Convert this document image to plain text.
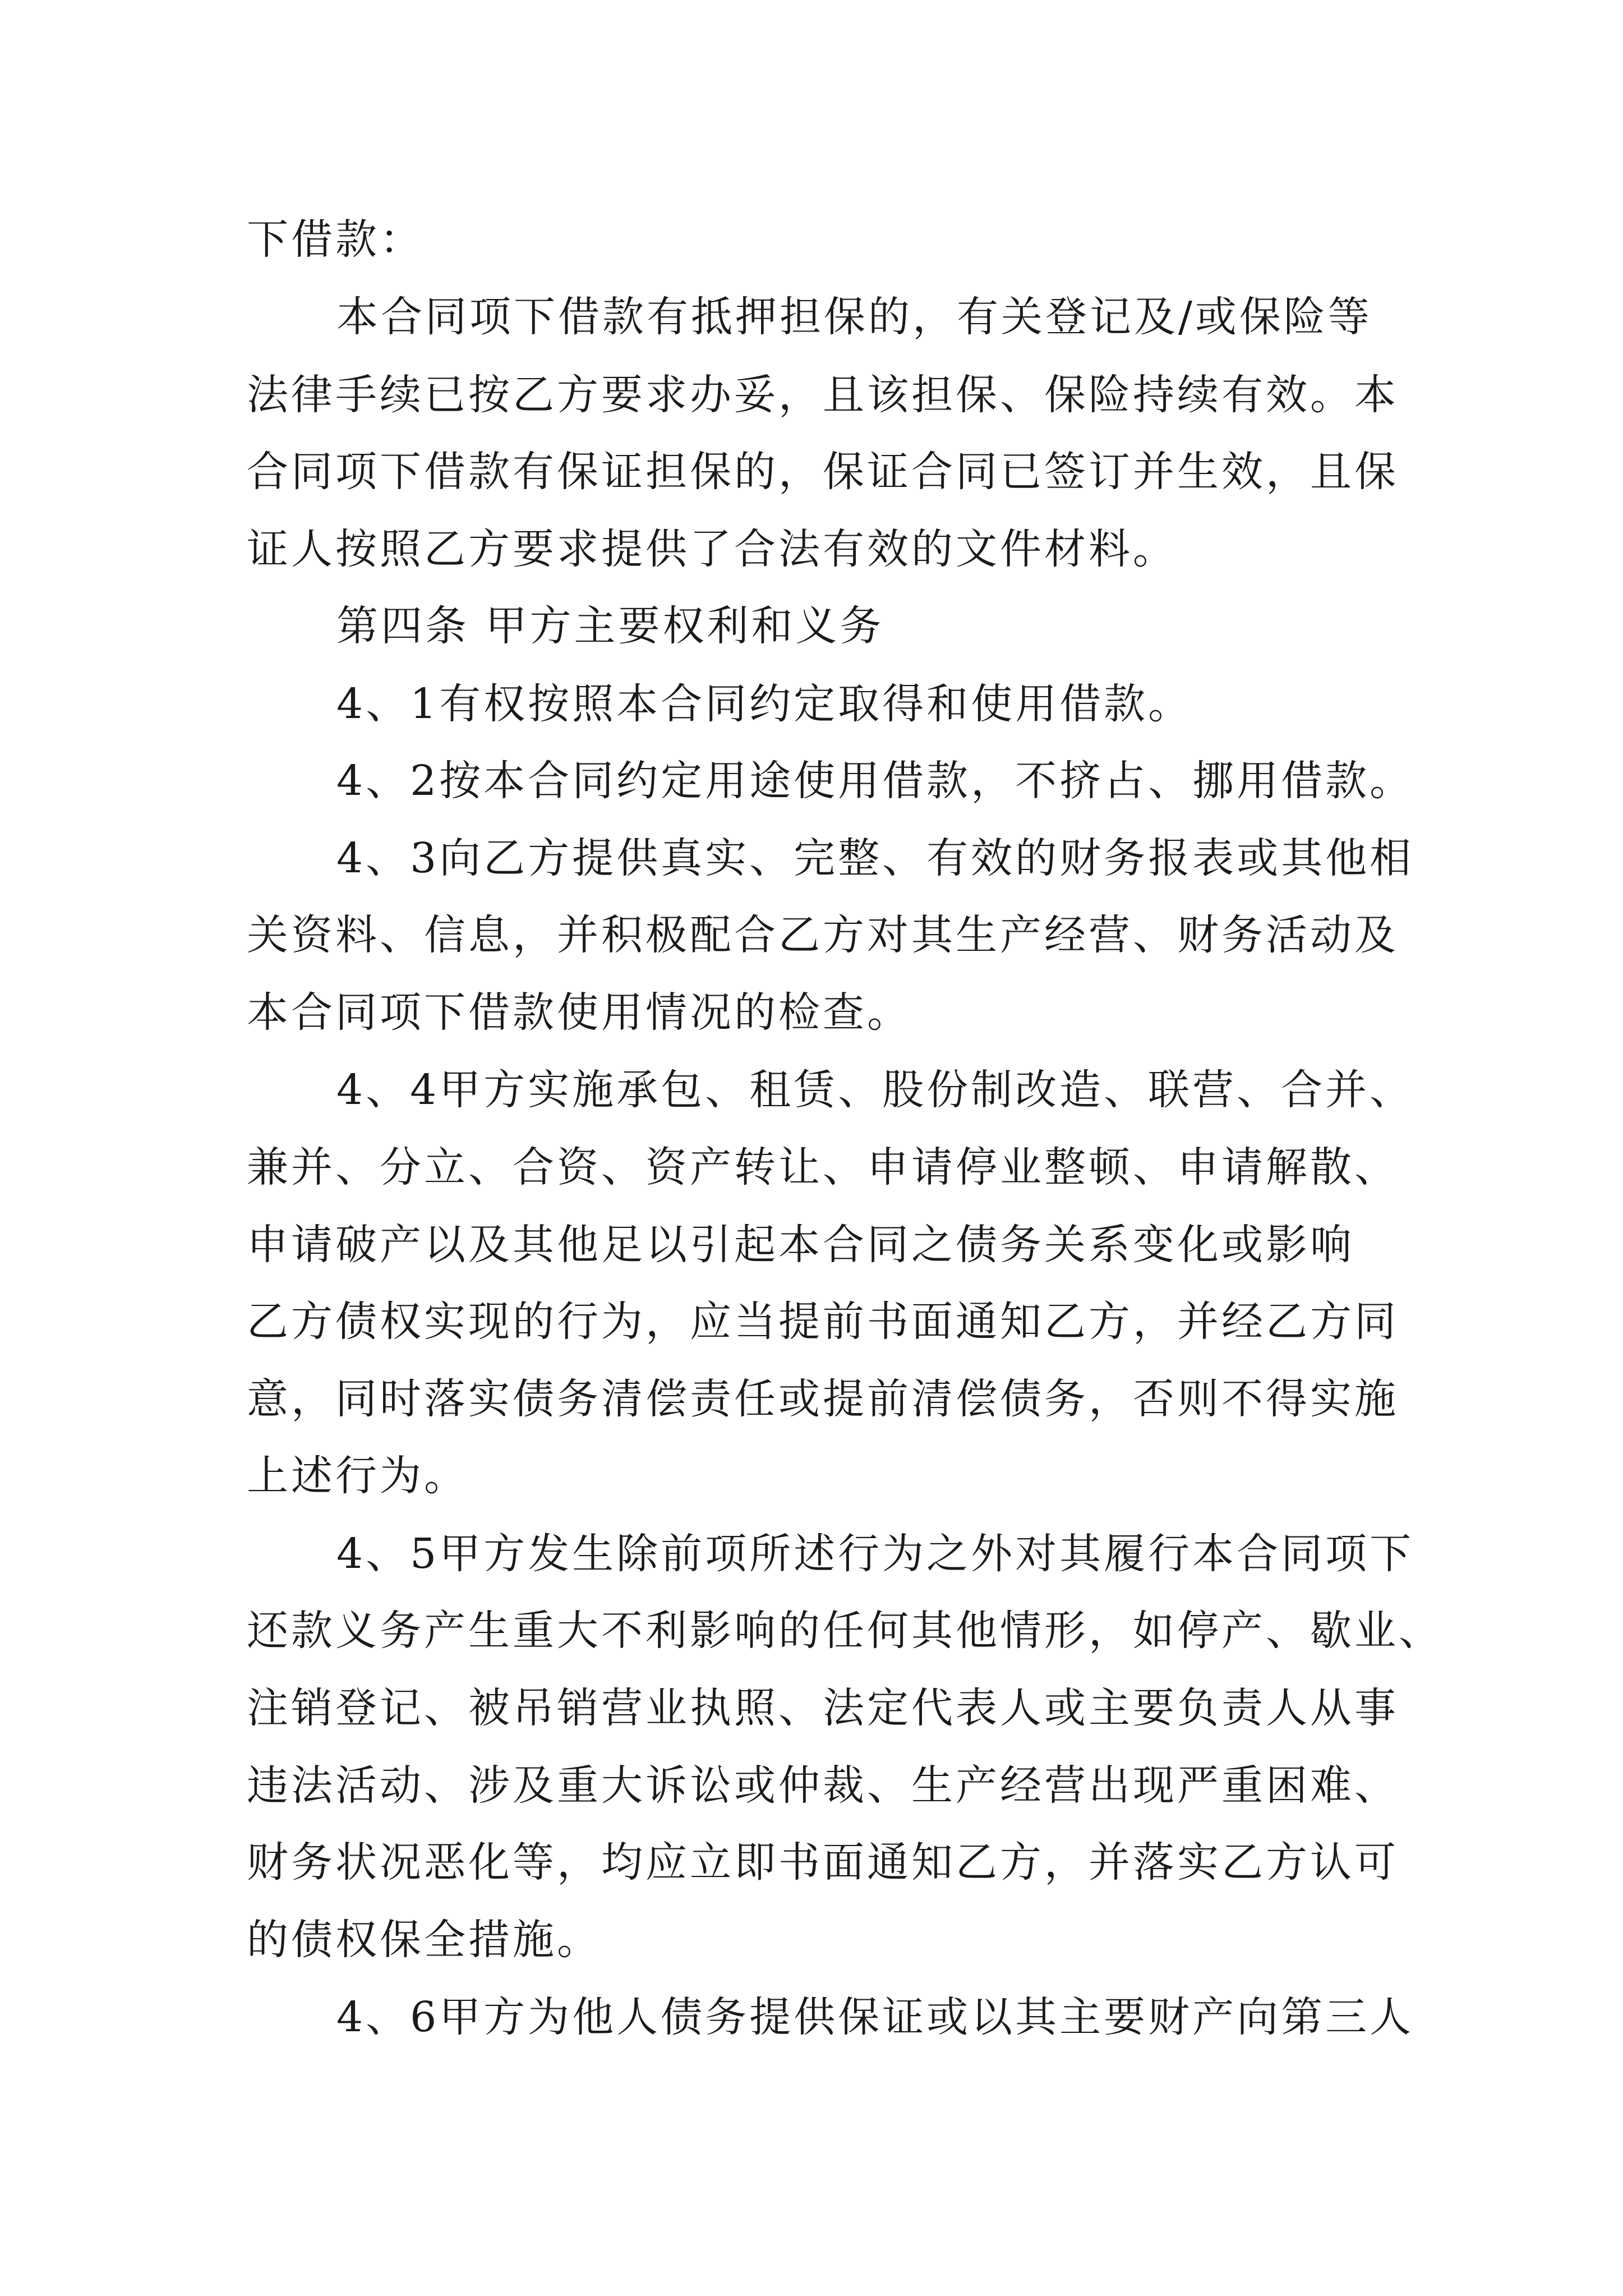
下借款：

本合同项下借款有抵押担保的，有关登记及/或保险等

法律手续已按乙方要求办妥，且该担保、保险持续有效。本

合同项下借款有保证担保的，保证合同已签订并生效，且保

证人按照乙方要求提供了合法有效的文件材料。

第四条 甲方主要权利和义务

4、1有权按照本合同约定取得和使用借款。

4、2按本合同约定用途使用借款，不挤占、挪用借款。

4、3向乙方提供真实、完整、有效的财务报表或其他相

关资料、信息，并积极配合乙方对其生产经营、财务活动及

本合同项下借款使用情况的检查。

4、4甲方实施承包、租赁、股份制改造、联营、合并、

兼并、分立、合资、资产转让、申请停业整顿、申请解散、

申请破产以及其他足以引起本合同之债务关系变化或影响

乙方债权实现的行为，应当提前书面通知乙方，并经乙方同

意，同时落实债务清偿责任或提前清偿债务，否则不得实施

上述行为。

4、5甲方发生除前项所述行为之外对其履行本合同项下

还款义务产生重大不利影响的任何其他情形，如停产、歇业、

注销登记、被吊销营业执照、法定代表人或主要负责人从事

违法活动、涉及重大诉讼或仲裁、生产经营出现严重困难、

财务状况恶化等，均应立即书面通知乙方，并落实乙方认可

的债权保全措施。

4、6甲方为他人债务提供保证或以其主要财产向第三人
